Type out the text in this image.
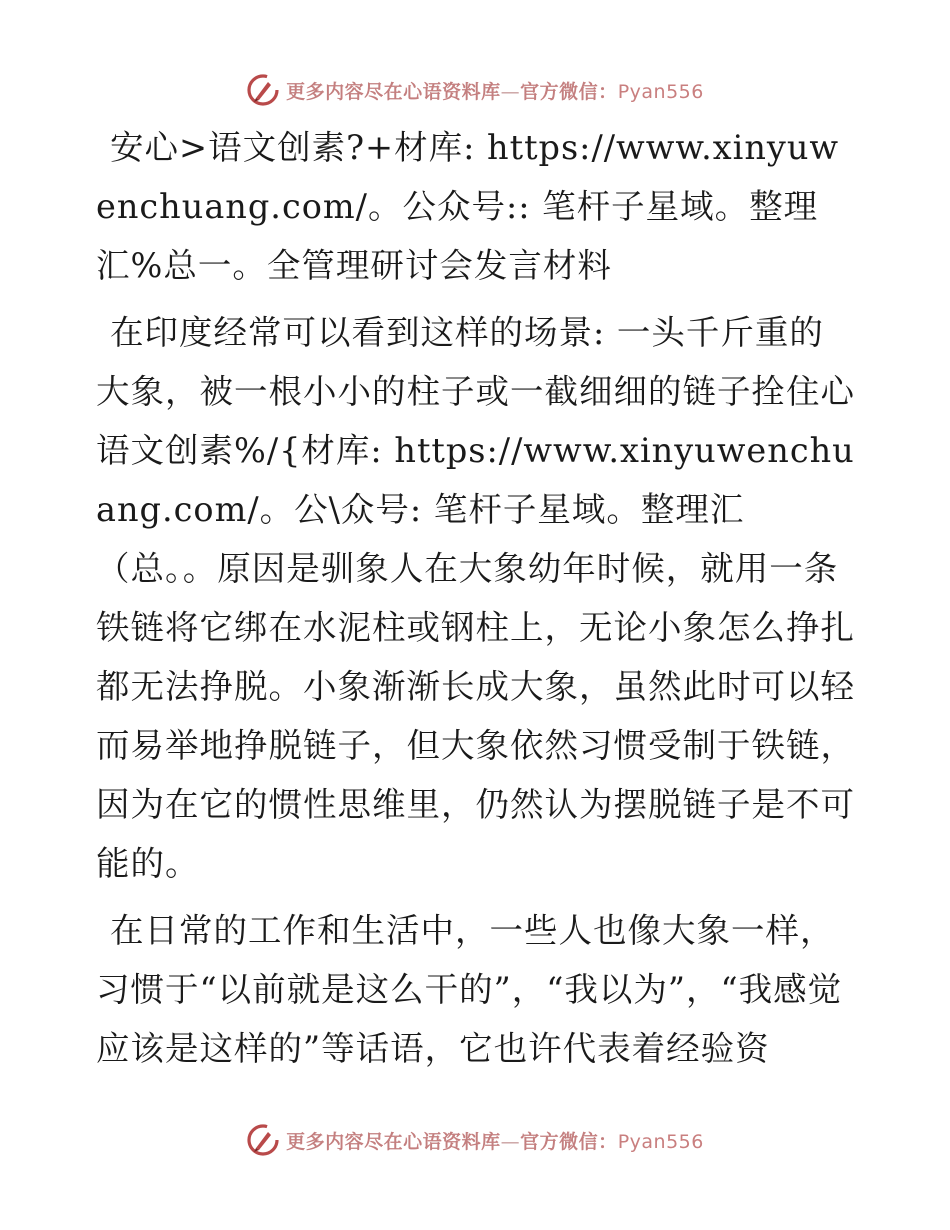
更多内容尽在心语资料库—官方微信：Pyan556

安心>语文创素?+材库: https://www.xinyuwenchuang.com/。公众号:: 笔杆子星域。整理汇%总一。全管理研讨会发言材料

在印度经常可以看到这样的场景: 一头千斤重的大象，被一根小小的柱子或一截细细的链子拴住心语文创素%/{材库: https://www.xinyuwenchuang.com/。公\众号: 笔杆子星域。整理汇（总。。原因是驯象人在大象幼年时候，就用一条铁链将它绑在水泥柱或钢柱上，无论小象怎么挣扎都无法挣脱。小象渐渐长成大象，虽然此时可以轻而易举地挣脱链子，但大象依然习惯受制于铁链，因为在它的惯性思维里，仍然认为摆脱链子是不可能的。

在日常的工作和生活中，一些人也像大象一样，习惯于“以前就是这么干的”，“我以为”，“我感觉应该是这样的”等话语，它也许代表着经验资

更多内容尽在心语资料库—官方微信：Pyan556
